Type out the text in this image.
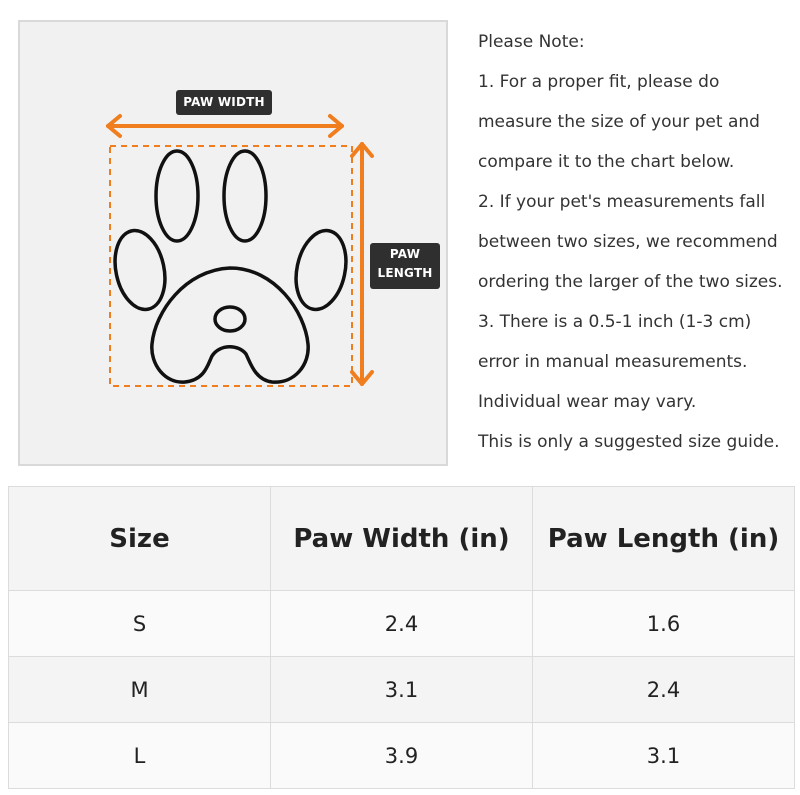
PAW WIDTH
PAW
LENGTH
Please Note:
1. For a proper fit, please do
measure the size of your pet and
compare it to the chart below.
2. If your pet's measurements fall
between two sizes, we recommend
ordering the larger of the two sizes.
3. There is a 0.5-1 inch (1-3 cm)
error in manual measurements.
Individual wear may vary.
This is only a suggested size guide.
Size	Paw Width (in)	Paw Length (in)
S	2.4	1.6
M	3.1	2.4
L	3.9	3.1
